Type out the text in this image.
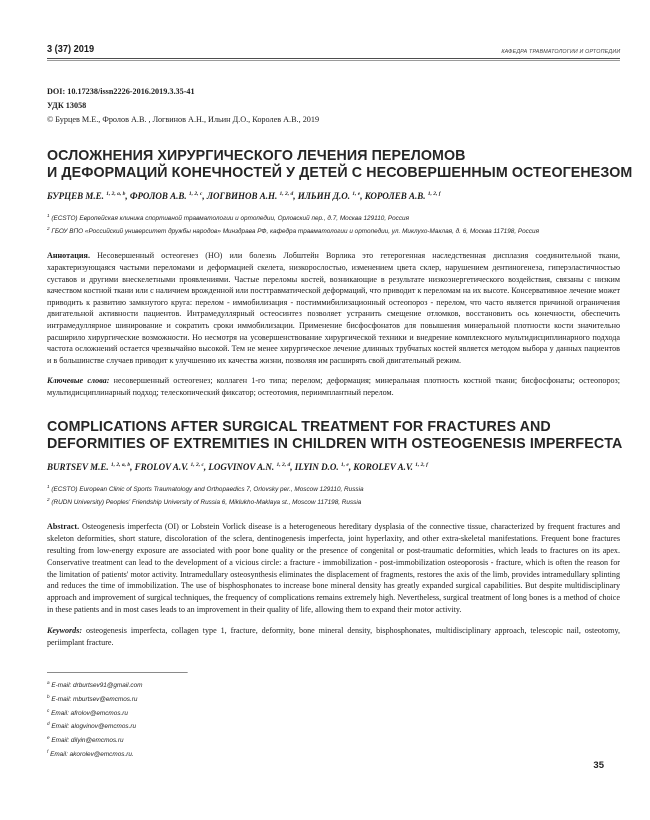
3 (37) 2019	КАФЕДРА ТРАВМАТОЛОГИИ И ОРТОПЕДИИ
DOI: 10.17238/issn2226-2016.2019.3.35-41
УДК 13058
© Бурцев М.Е., Фролов А.В. , Логвинов А.Н., Ильин Д.О., Королев А.В., 2019
ОСЛОЖНЕНИЯ ХИРУРГИЧЕСКОГО ЛЕЧЕНИЯ ПЕРЕЛОМОВ
И ДЕФОРМАЦИЙ КОНЕЧНОСТЕЙ У ДЕТЕЙ С НЕСОВЕРШЕННЫМ ОСТЕОГЕНЕЗОМ
БУРЦЕВ М.Е. $^{1, 2, a, b}$, ФРОЛОВ А.В. $^{1, 2, c}$, ЛОГВИНОВ А.Н. $^{1, 2, d}$, ИЛЬИН Д.О. $^{1, e}$, КОРОЛЕВ А.В. $^{1, 2, f}$
$^1$ (ECSTO) Европейская клиника спортивной травматологии и ортопедии, Орловский пер., д.7, Москва 129110, Россия
$^2$ ГБОУ ВПО «Российский университет дружбы народов» Минздрава РФ, кафедра травматологии и ортопедии, ул. Миклухо-Маклая, д. 6, Москва 117198, Россия
Аннотация. Несовершенный остеогенез (НО) или болезнь Лобштейн Ворлика это гетерогенная наследственная дисплазия соединительной ткани, характеризующаяся частыми переломами и деформацией скелета, низкорослостью, изменением цвета склер, нарушением дентиногенеза, гиперэластичностью суставов и другими внескелетными проявлениями. Частые переломы костей, возникающие в результате низкоэнергетического воздействия, связаны с низким качеством костной ткани или с наличием врожденной или посттравматической деформаций, что приводит к переломам на их высоте. Консервативное лечение может приводить к развитию замкнутого круга: перелом - иммобилизация - постиммибилизационный остеопороз - перелом, что часто является причиной ограничения двигательной активности пациентов. Интрамедуллярный остеосинтез позволяет устранить смещение отломков, восстановить ось конечности, обеспечить интрамедуллярное шинирование и сократить сроки иммобилизации. Применение бисфосфонатов для повышения минеральной плотности кости значительно расширило хирургические возможности. Но несмотря на усовершенствование хирургической техники и внедрение комплексного мультидисциплинарного подхода частота осложнений остается чрезвычайно высокой. Тем не менее хирургическое лечение длинных трубчатых костей является методом выбора у данных пациентов и в большинстве случаев приводит к улучшению их качества жизни, позволяя им расширять свой двигательный режим.
Ключевые слова: несовершенный остеогенез; коллаген 1-го типа; перелом; деформация; минеральная плотность костной ткани; бисфосфонаты; остеопороз; мультидисциплинарный подход; телескопический фиксатор; остеотомия, периимплантный перелом.
COMPLICATIONS AFTER SURGICAL TREATMENT FOR FRACTURES AND
DEFORMITIES OF EXTREMITIES IN CHILDREN WITH OSTEOGENESIS IMPERFECTA
BURTSEV M.E. $^{1, 2, a, b}$, FROLOV A.V. $^{1, 2, c}$, LOGVINOV A.N. $^{1, 2, d}$, ILYIN D.O. $^{1, e}$, KOROLEV A.V. $^{1, 2, f}$
$^1$ (ECSTO) European Clinic of Sports Traumatology and Orthopaedics 7, Orlovsky per., Moscow 129110, Russia
$^2$ (RUDN University) Peoples' Friendship University of Russia 6, Miklukho-Maklaya st., Moscow 117198, Russia
Abstract. Osteogenesis imperfecta (OI) or Lobstein Vorlick disease is a heterogeneous hereditary dysplasia of the connective tissue, characterized by frequent fractures and skeleton deformities, short stature, discoloration of the sclera, dentinogenesis imperfecta, joint hyperlaxity, and other extra-skeletal manifestations. Frequent bone fractures resulting from low-energy exposure are associated with poor bone quality or the presence of congenital or post-traumatic deformities, which leads to fractures on its apex. Conservative treatment can lead to the development of a vicious circle: a fracture - immobilization - post-immobilization osteoporosis - fracture, which is often the reason for the limitation of patients' motor activity. Intramedullary osteosynthesis eliminates the displacement of fragments, restores the axis of the limb, provides intramedullary splinting and reduces the time of immobilization. The use of bisphosphonates to increase bone mineral density has greatly expanded surgical capabilities. But despite multidisciplinary approach and improvement of surgical techniques, the frequency of complications remains extremely high. Nevertheless, surgical treatment of long bones is a method of choice in these patients and in most cases leads to an improvement in their quality of life, allowing them to expand their motor activity.
Keywords: osteogenesis imperfecta, collagen type 1, fracture, deformity, bone mineral density, bisphosphonates, multidisciplinary approach, telescopic nail, osteotomy, periimplant fracture.
$^a$ E-mail: drburtsev91@gmail.com
$^b$ E-mail: mburtsev@emcmos.ru
$^c$ Email: afrolov@emcmos.ru
$^d$ Email: alogvinov@emcmos.ru
$^e$ Email: dilyin@emcmos.ru
$^f$ Email: akorolev@emcmos.ru.
35
